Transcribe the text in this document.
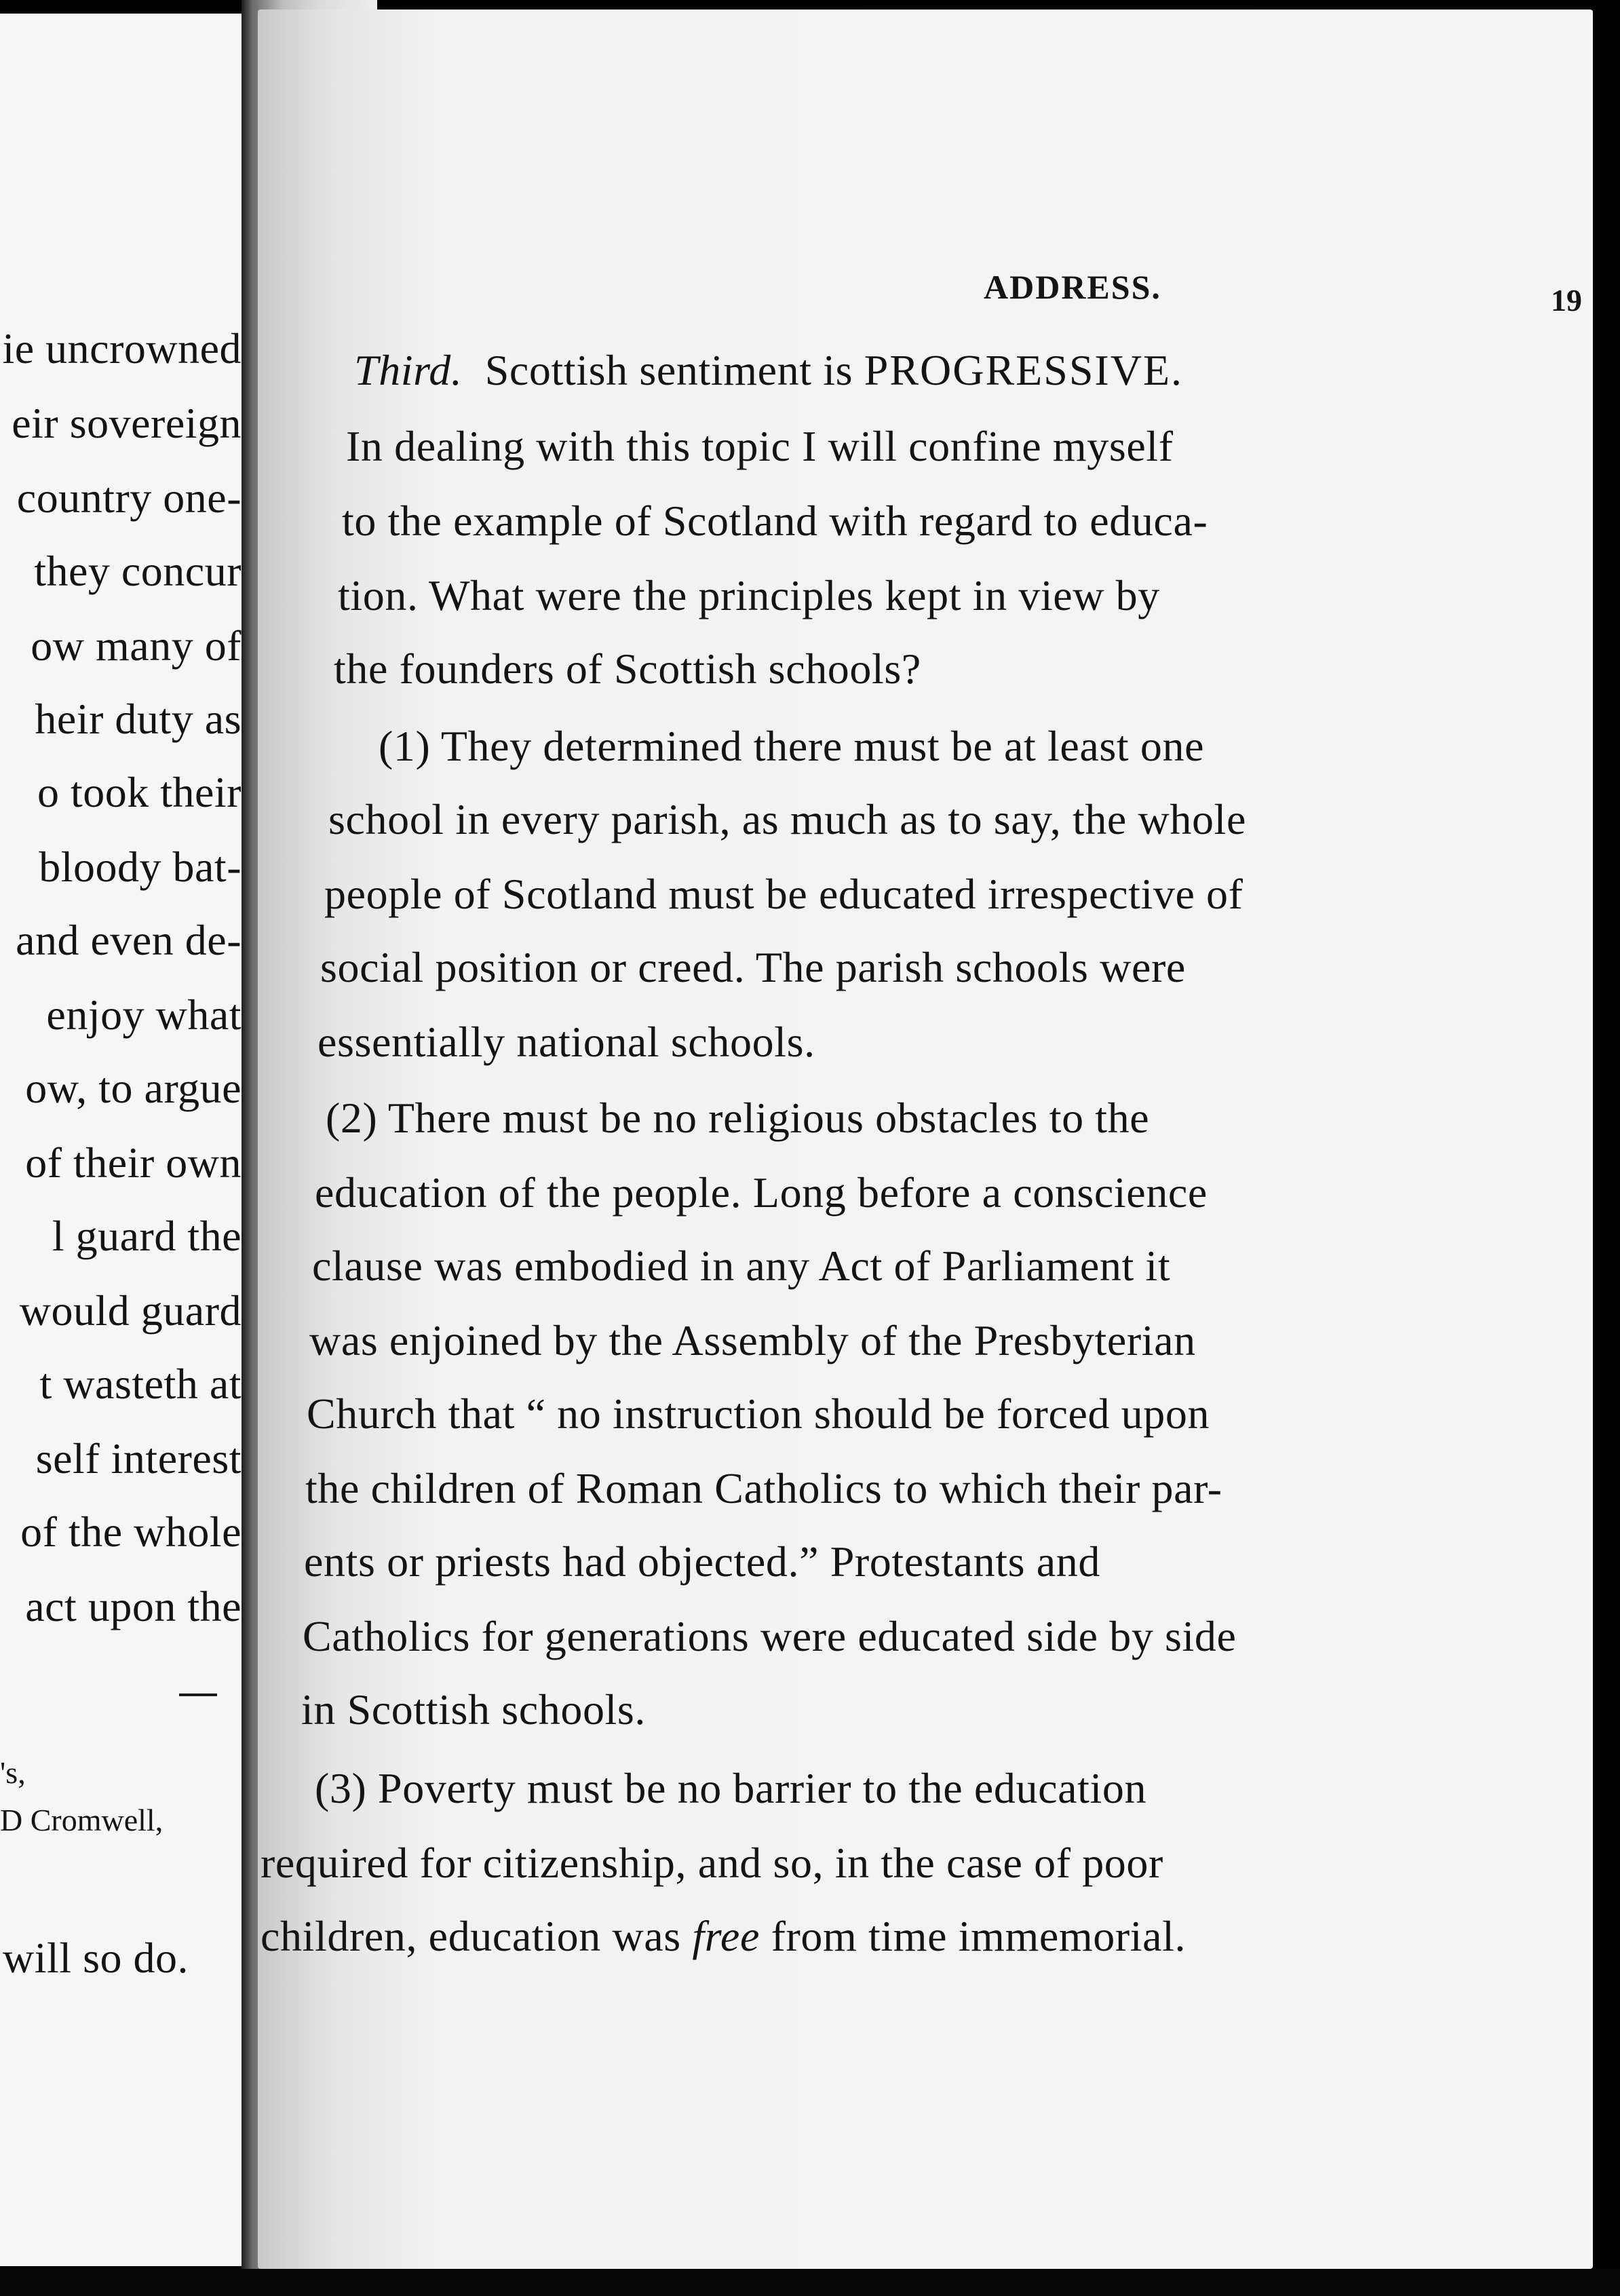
ie uncrowned
eir sovereign
country one-
they concur
ow many of
heir duty as
o took their
bloody bat-
and even de-
enjoy what
ow, to argue
of their own
l guard the
would guard
t wasteth at
self interest
of the whole
act upon the
's,
D Cromwell,
will so do.
ADDRESS.	19
Third. Scottish sentiment is PROGRESSIVE.
In dealing with this topic I will confine myself
to the example of Scotland with regard to educa-
tion. What were the principles kept in view by
the founders of Scottish schools?
(1) They determined there must be at least one
school in every parish, as much as to say, the whole
people of Scotland must be educated irrespective of
social position or creed. The parish schools were
essentially national schools.
(2) There must be no religious obstacles to the
education of the people. Long before a conscience
clause was embodied in any Act of Parliament it
was enjoined by the Assembly of the Presbyterian
Church that “ no instruction should be forced upon
the children of Roman Catholics to which their par-
ents or priests had objected.” Protestants and
Catholics for generations were educated side by side
in Scottish schools.
(3) Poverty must be no barrier to the education
required for citizenship, and so, in the case of poor
children, education was free from time immemorial.
